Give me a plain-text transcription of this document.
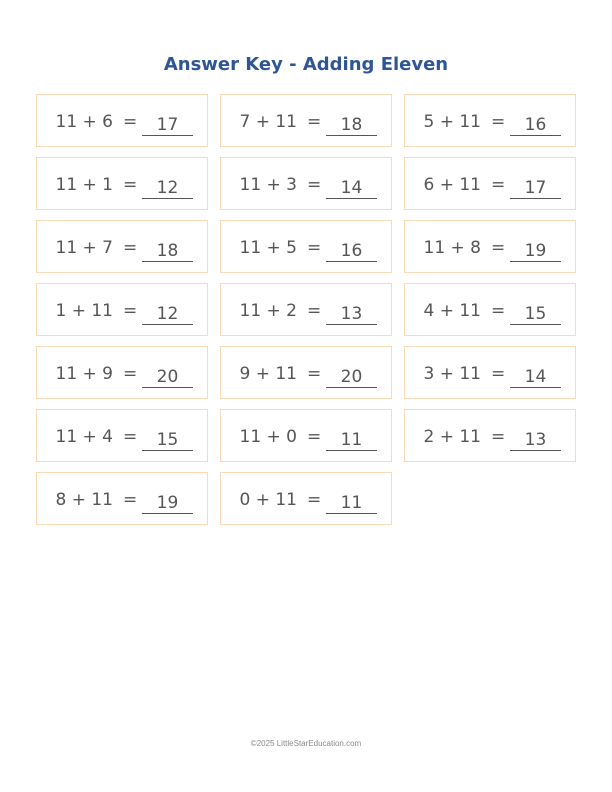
Answer Key - Adding Eleven
11 + 6 =	17	7 + 11 =	18	5 + 11 =	16
11 + 1 =	12	11 + 3 =	14	6 + 11 =	17
11 + 7 =	18	11 + 5 =	16	11 + 8 =	19
1 + 11 =	12	11 + 2 =	13	4 + 11 =	15
11 + 9 =	20	9 + 11 =	20	3 + 11 =	14
11 + 4 =	15	11 + 0 =	11	2 + 11 =	13
8 + 11 =	19	0 + 11 =	11
©2025 LittleStarEducation.com
